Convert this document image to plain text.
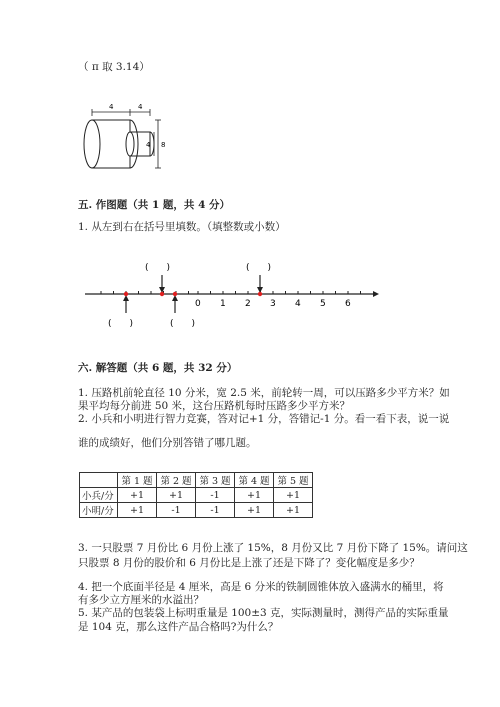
（ π 取 3.14）
4	4
4 8
五. 作图题（共 1 题，共 4 分）
1. 从左到右在括号里填数。（填整数或小数）
(　　)	(　　)
(　　)	(　　)
0 1 2 3 4 5 6
六. 解答题（共 6 题，共 32 分）
1. 压路机前轮直径 10 分米，宽 2.5 米，前轮转一周，可以压路多少平方米？如
果平均每分前进 50 米，这台压路机每时压路多少平方米？
2. 小兵和小明进行智力竞赛，答对记+1 分，答错记-1 分。看一看下表，说一说
谁的成绩好，他们分别答错了哪几题。
	第 1 题	第 2 题	第 3 题	第 4 题	第 5 题
小兵/分	+1	+1	-1	+1	+1
小明/分	+1	-1	-1	+1	+1
3. 一只股票 7 月份比 6 月份上涨了 15%，8 月份又比 7 月份下降了 15%。请问这
只股票 8 月份的股价和 6 月份比是上涨了还是下降了？变化幅度是多少？
4. 把一个底面半径是 4 厘米，高是 6 分米的铁制圆锥体放入盛满水的桶里，将
有多少立方厘米的水溢出？
5. 某产品的包装袋上标明重量是 100±3 克，实际测量时，测得产品的实际重量
是 104 克，那么这件产品合格吗?为什么？
